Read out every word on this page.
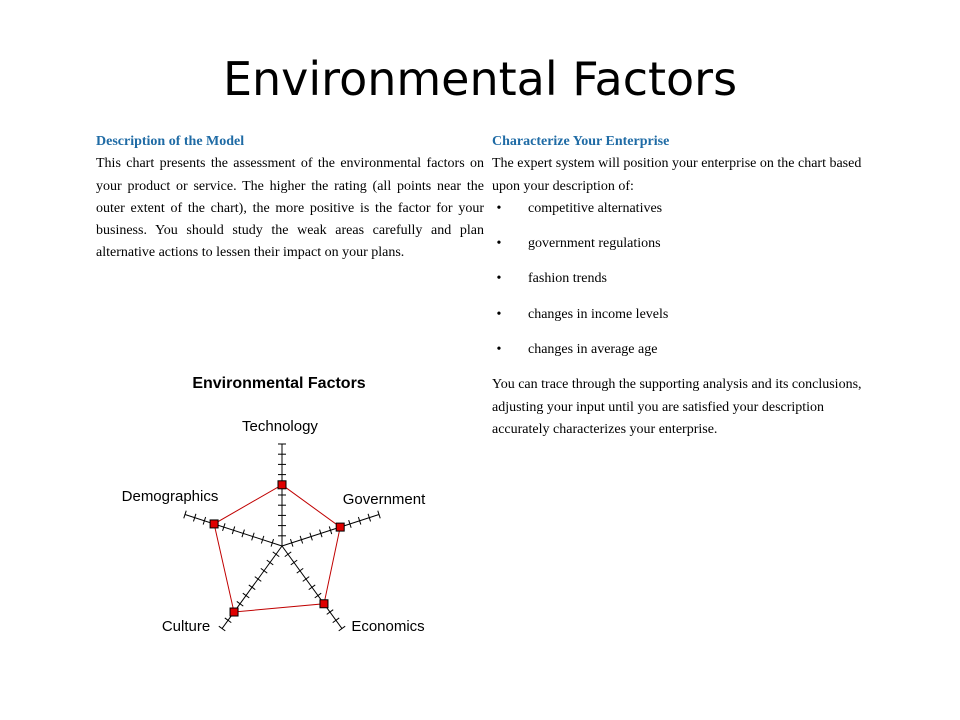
Environmental Factors
Description of the Model
This chart presents the assessment of the environmental factors on your product or service. The higher the rating (all points near the outer extent of the chart), the more positive is the factor for your business. You should study the weak areas carefully and plan alternative actions to lessen their impact on your plans.
Characterize Your Enterprise
The expert system will position your enterprise on the chart based upon your description of:
•	competitive alternatives
•	government regulations
•	fashion trends
•	changes in income levels
•	changes in average age
You can trace through the supporting analysis and its conclusions, adjusting your input until you are satisfied your description accurately characterizes your enterprise.
Environmental Factors
Technology
Government
Economics
Culture
Demographics
